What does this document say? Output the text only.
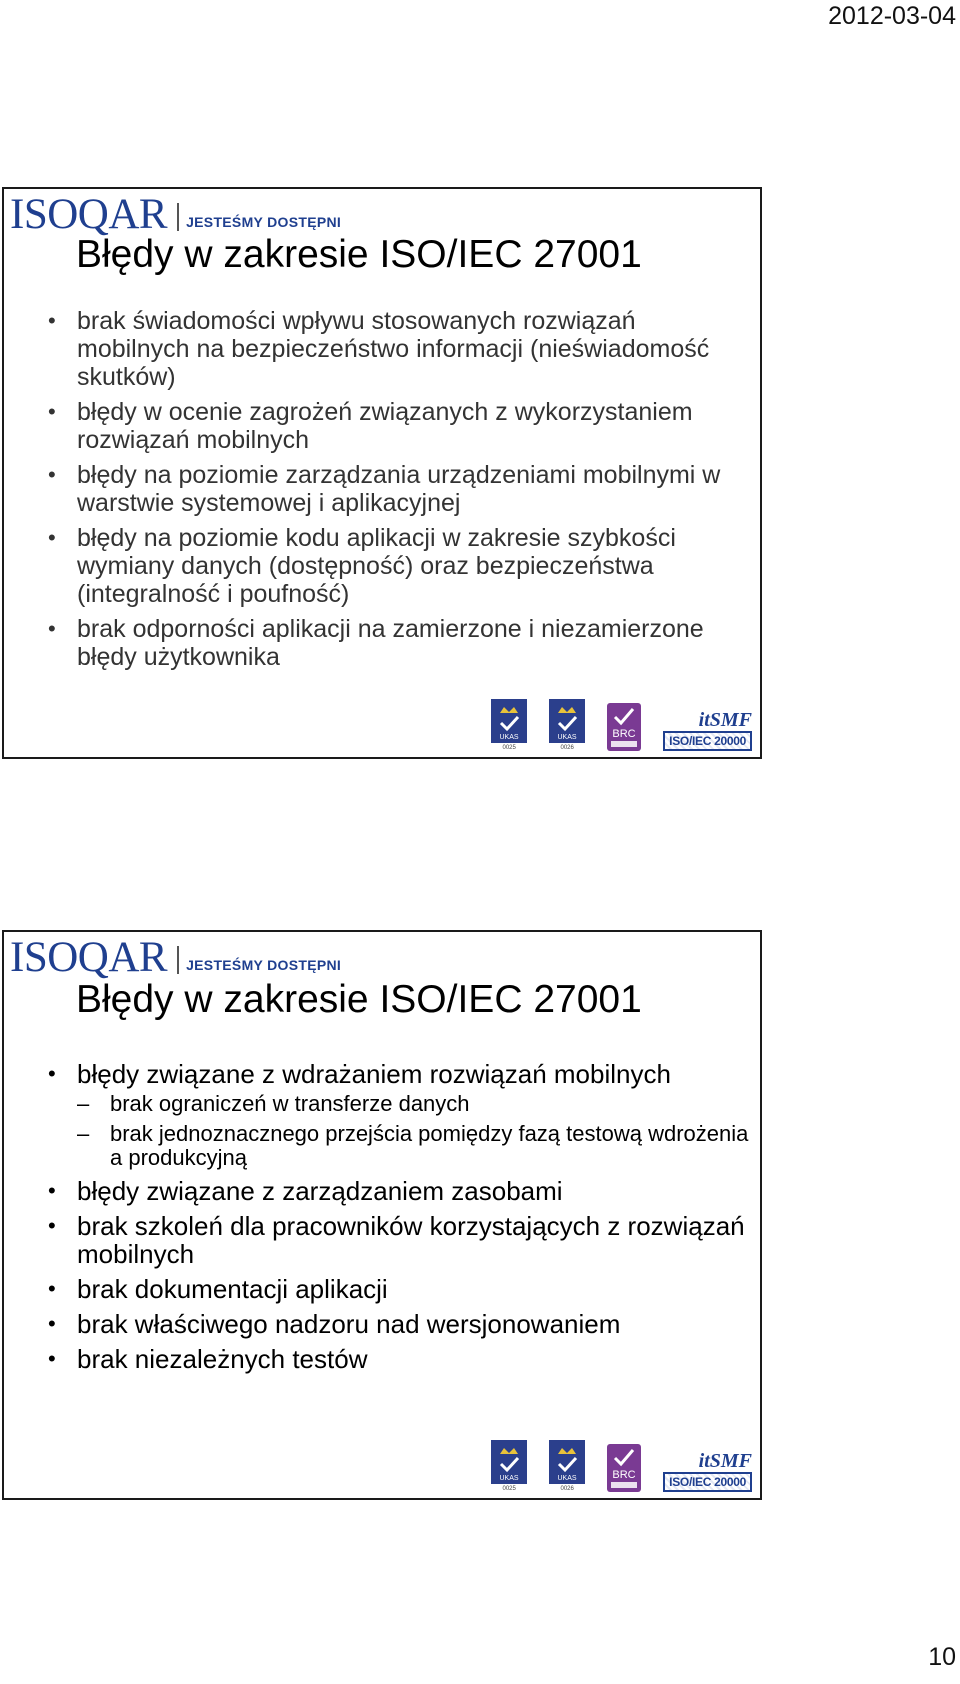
2012-03-04
ISOQAR JESTEŚMY DOSTĘPNI
Błędy w zakresie ISO/IEC 27001
• brak świadomości wpływu stosowanych rozwiązań mobilnych na bezpieczeństwo informacji (nieświadomość skutków)
• błędy w ocenie zagrożeń związanych z wykorzystaniem rozwiązań mobilnych
• błędy na poziomie zarządzania urządzeniami mobilnymi w warstwie systemowej i aplikacyjnej
• błędy na poziomie kodu aplikacji w zakresie szybkości wymiany danych (dostępność) oraz bezpieczeństwa (integralność i poufność)
• brak odporności aplikacji na zamierzone i niezamierzone błędy użytkownika
UKAS
0025
UKAS
0026
BRC
itSMF
ISO/IEC 20000
ISOQAR JESTEŚMY DOSTĘPNI
Błędy w zakresie ISO/IEC 27001
• błędy związane z wdrażaniem rozwiązań mobilnych
– brak ograniczeń w transferze danych
– brak jednoznacznego przejścia pomiędzy fazą testową wdrożenia a produkcyjną
• błędy związane z zarządzaniem zasobami
• brak szkoleń dla pracowników korzystających z rozwiązań mobilnych
• brak dokumentacji aplikacji
• brak właściwego nadzoru nad wersjonowaniem
• brak niezależnych testów
UKAS
0025
UKAS
0026
BRC
itSMF
ISO/IEC 20000
10
